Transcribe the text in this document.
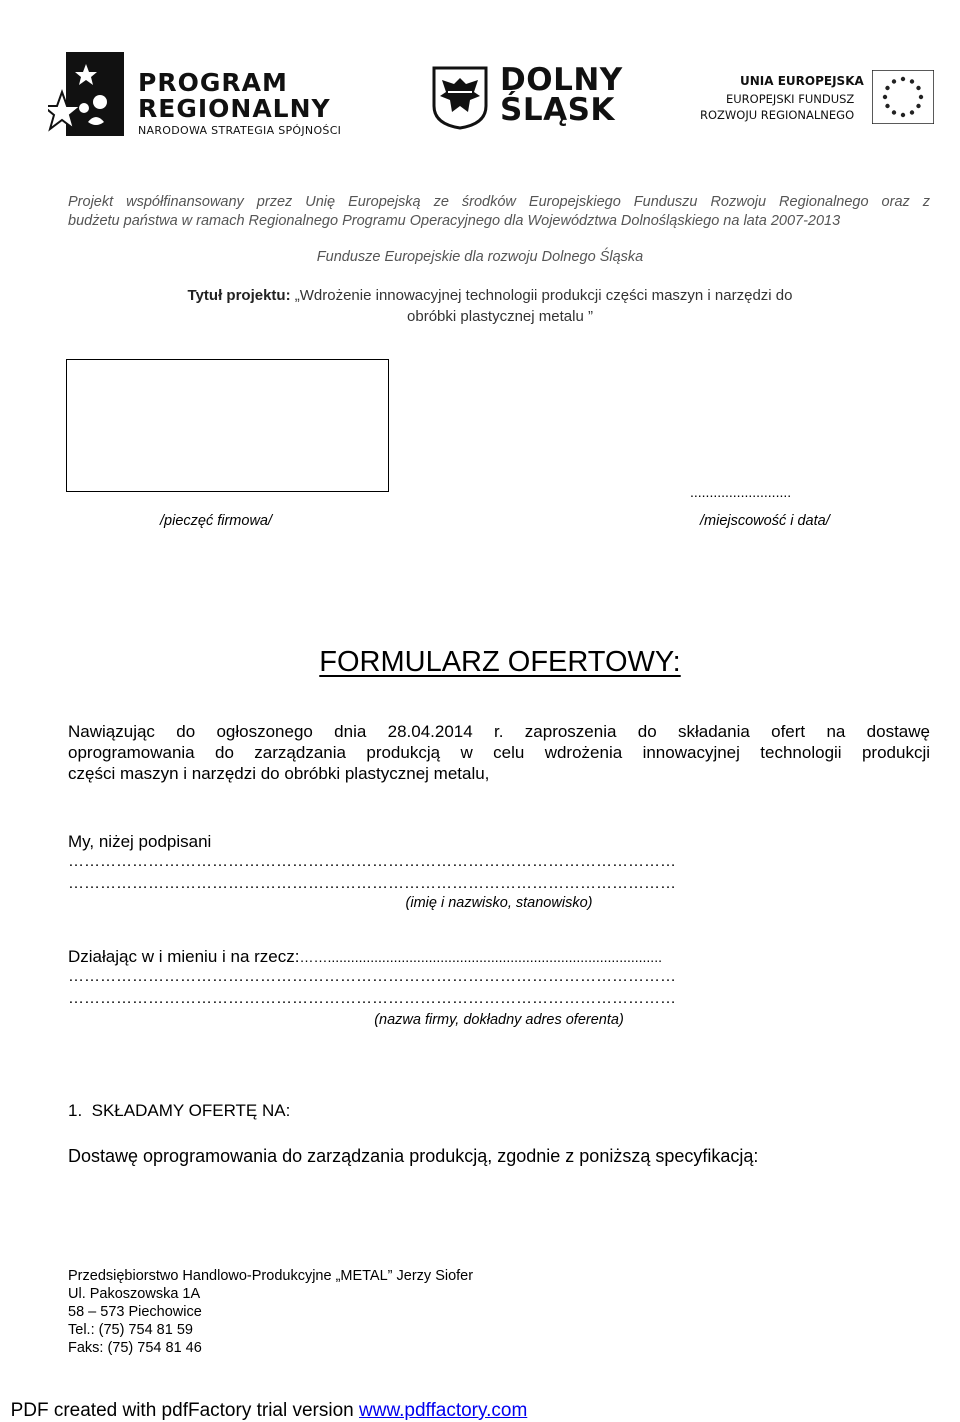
PROGRAM
REGIONALNY
NARODOWA STRATEGIA SPÓJNOŚCI
DOLNY
ŚLĄSK
UNIA EUROPEJSKA
EUROPEJSKI FUNDUSZ
ROZWOJU REGIONALNEGO
Projekt współfinansowany przez Unię Europejską ze środków Europejskiego Funduszu Rozwoju Regionalnego oraz z
budżetu państwa w ramach Regionalnego Programu Operacyjnego dla Województwa Dolnośląskiego na lata 2007-2013
Fundusze Europejskie dla rozwoju Dolnego Śląska
Tytuł projektu: „Wdrożenie innowacyjnej technologii produkcji części maszyn i narzędzi do
obróbki plastycznej metalu ”
/pieczęć firmowa/
..........................
/miejscowość i data/
FORMULARZ OFERTOWY:
Nawiązując do ogłoszonego dnia 28.04.2014 r. zaproszenia do składania ofert na dostawę
oprogramowania do zarządzania produkcją w celu wdrożenia innowacyjnej technologii produkcji
części maszyn i narzędzi do obróbki plastycznej metalu,
My, niżej podpisani
……………………………………………………………………………………………………
……………………………………………………………………………………………………
(imię i nazwisko, stanowisko)
Działając w i mieniu i na rzecz:……......................................................................................
……………………………………………………………………………………………………
……………………………………………………………………………………………………
(nazwa firmy, dokładny adres oferenta)
1.  SKŁADAMY OFERTĘ NA:
Dostawę oprogramowania do zarządzania produkcją, zgodnie z poniższą specyfikacją:
Przedsiębiorstwo Handlowo-Produkcyjne „METAL” Jerzy Siofer
Ul. Pakoszowska 1A
58 – 573 Piechowice
Tel.: (75) 754 81 59
Faks: (75) 754 81 46

PDF created with pdfFactory trial version www.pdffactory.com
